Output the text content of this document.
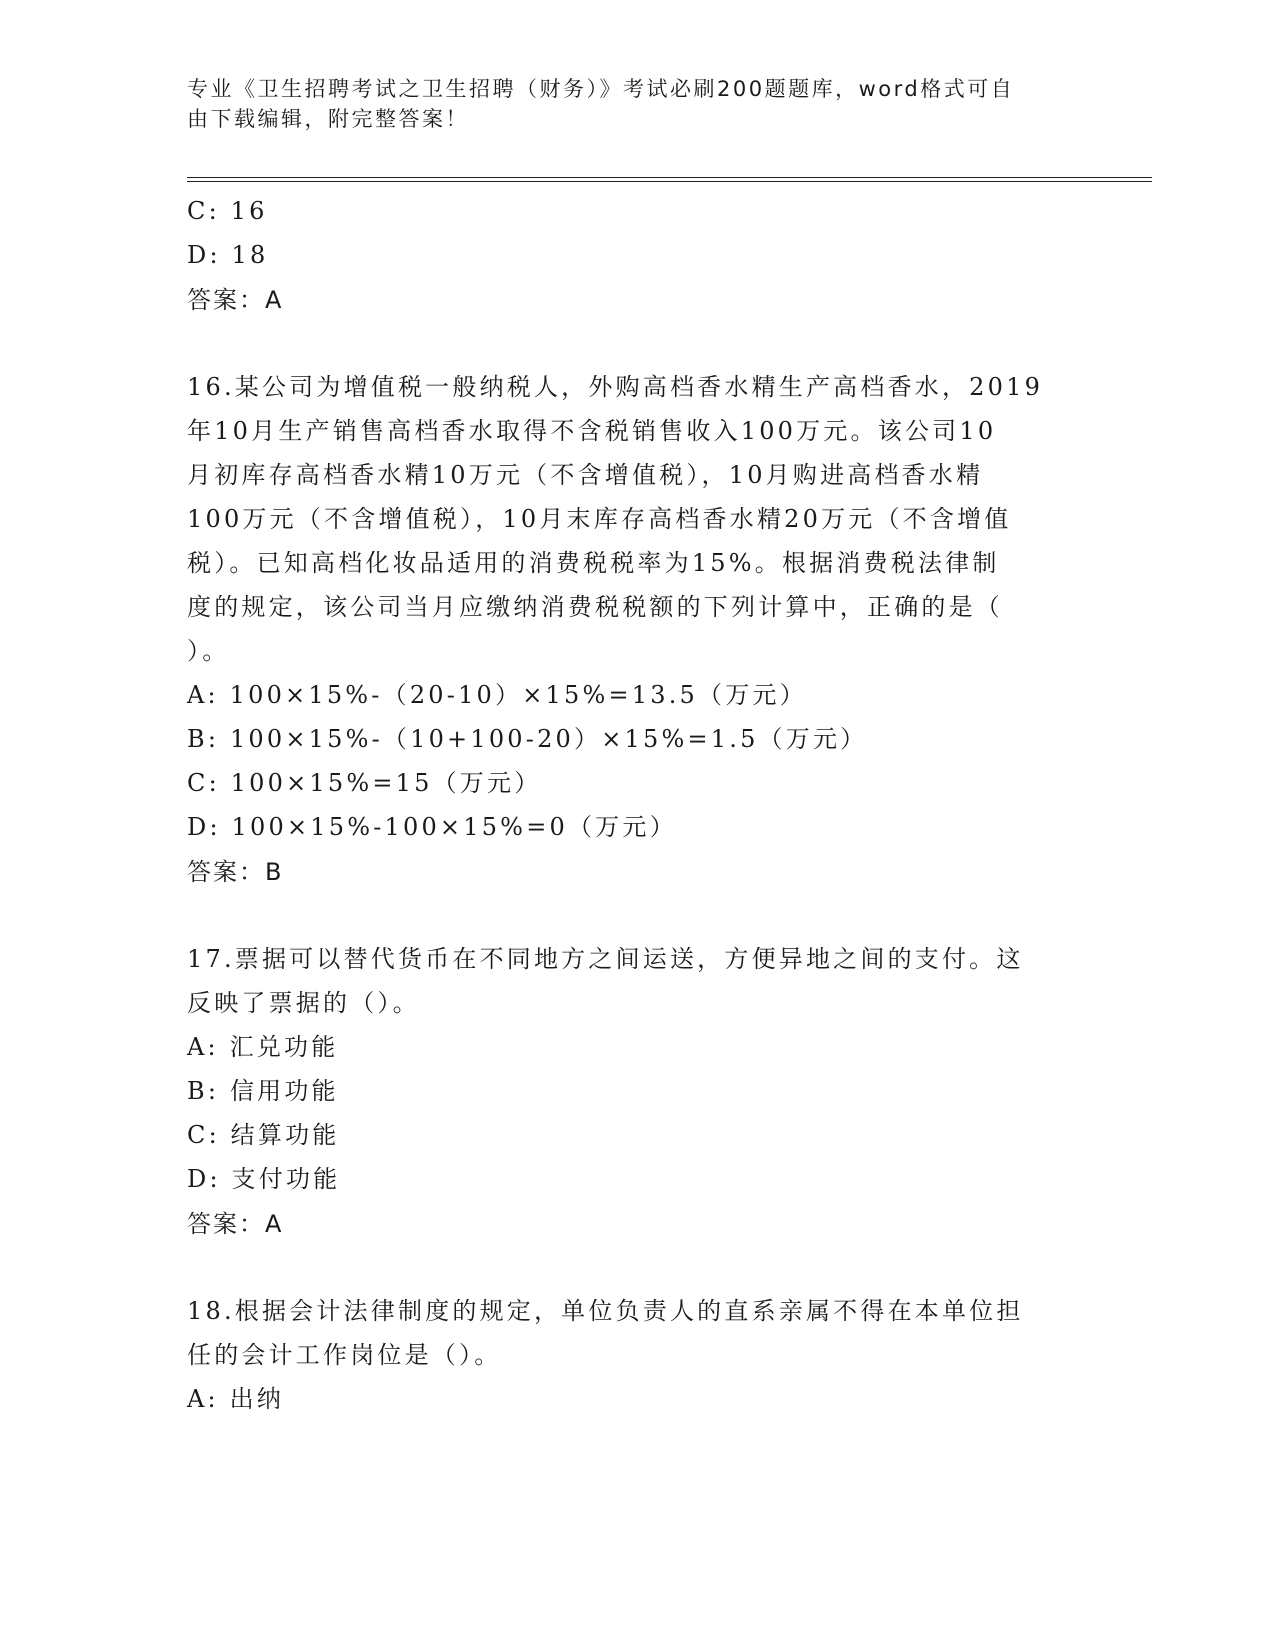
专业《卫生招聘考试之卫生招聘（财务）》考试必刷200题题库，word格式可自
由下载编辑，附完整答案！
C: 16
D: 18
答案：A
16.某公司为增值税一般纳税人，外购高档香水精生产高档香水，2019
年10月生产销售高档香水取得不含税销售收入100万元。该公司10
月初库存高档香水精10万元（不含增值税），10月购进高档香水精
100万元（不含增值税），10月末库存高档香水精20万元（不含增值
税）。已知高档化妆品适用的消费税税率为15%。根据消费税法律制
度的规定，该公司当月应缴纳消费税税额的下列计算中，正确的是（
）。
A: 100×15%-（20-10）×15%=13.5（万元）
B: 100×15%-（10+100-20）×15%=1.5（万元）
C: 100×15%=15（万元）
D: 100×15%-100×15%=0（万元）
答案：B
17.票据可以替代货币在不同地方之间运送，方便异地之间的支付。这
反映了票据的（）。
A: 汇兑功能
B: 信用功能
C: 结算功能
D: 支付功能
答案：A
18.根据会计法律制度的规定，单位负责人的直系亲属不得在本单位担
任的会计工作岗位是（）。
A: 出纳
